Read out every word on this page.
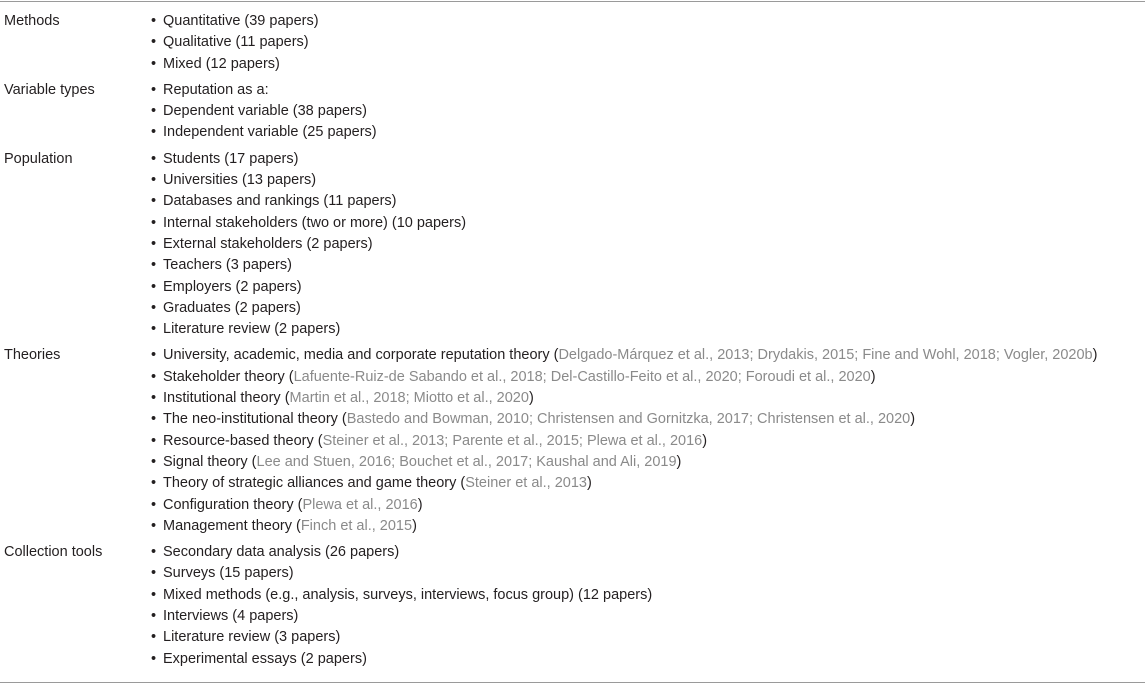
Methods	• Quantitative (39 papers)
• Qualitative (11 papers)
• Mixed (12 papers)
Variable types	• Reputation as a:
• Dependent variable (38 papers)
• Independent variable (25 papers)
Population	• Students (17 papers)
• Universities (13 papers)
• Databases and rankings (11 papers)
• Internal stakeholders (two or more) (10 papers)
• External stakeholders (2 papers)
• Teachers (3 papers)
• Employers (2 papers)
• Graduates (2 papers)
• Literature review (2 papers)
Theories	• University, academic, media and corporate reputation theory (Delgado-Márquez et al., 2013; Drydakis, 2015; Fine and Wohl, 2018; Vogler, 2020b)
• Stakeholder theory (Lafuente-Ruiz-de Sabando et al., 2018; Del-Castillo-Feito et al., 2020; Foroudi et al., 2020)
• Institutional theory (Martin et al., 2018; Miotto et al., 2020)
• The neo-institutional theory (Bastedo and Bowman, 2010; Christensen and Gornitzka, 2017; Christensen et al., 2020)
• Resource-based theory (Steiner et al., 2013; Parente et al., 2015; Plewa et al., 2016)
• Signal theory (Lee and Stuen, 2016; Bouchet et al., 2017; Kaushal and Ali, 2019)
• Theory of strategic alliances and game theory (Steiner et al., 2013)
• Configuration theory (Plewa et al., 2016)
• Management theory (Finch et al., 2015)
Collection tools	• Secondary data analysis (26 papers)
• Surveys (15 papers)
• Mixed methods (e.g., analysis, surveys, interviews, focus group) (12 papers)
• Interviews (4 papers)
• Literature review (3 papers)
• Experimental essays (2 papers)
